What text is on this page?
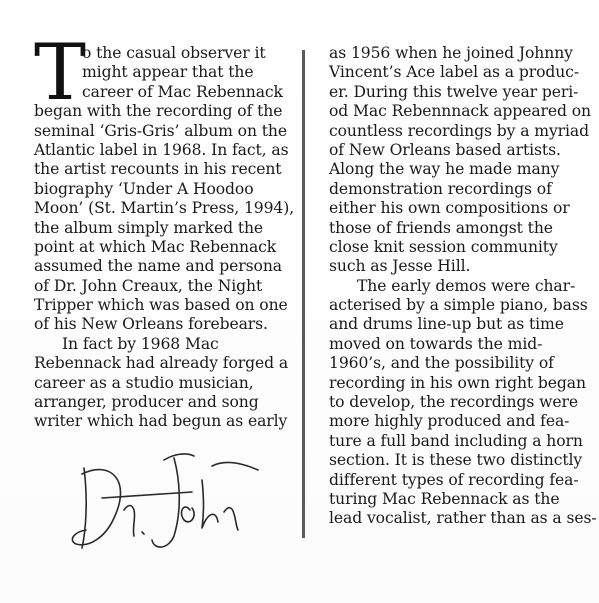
T
o the casual observer it
might appear that the
career of Mac Rebennack
began with the recording of the
seminal ‘Gris-Gris’ album on the
Atlantic label in 1968. In fact, as
the artist recounts in his recent
biography ‘Under A Hoodoo
Moon’ (St. Martin’s Press, 1994),
the album simply marked the
point at which Mac Rebennack
assumed the name and persona
of Dr. John Creaux, the Night
Tripper which was based on one
of his New Orleans forebears.
In fact by 1968 Mac
Rebennack had already forged a
career as a studio musician,
arranger, producer and song
writer which had begun as early
as 1956 when he joined Johnny
Vincent’s Ace label as a produc-
er. During this twelve year peri-
od Mac Rebennnack appeared on
countless recordings by a myriad
of New Orleans based artists.
Along the way he made many
demonstration recordings of
either his own compositions or
those of friends amongst the
close knit session community
such as Jesse Hill.
The early demos were char-
acterised by a simple piano, bass
and drums line-up but as time
moved on towards the mid-
1960’s, and the possibility of
recording in his own right began
to develop, the recordings were
more highly produced and fea-
ture a full band including a horn
section. It is these two distinctly
different types of recording fea-
turing Mac Rebennack as the
lead vocalist, rather than as a ses-
